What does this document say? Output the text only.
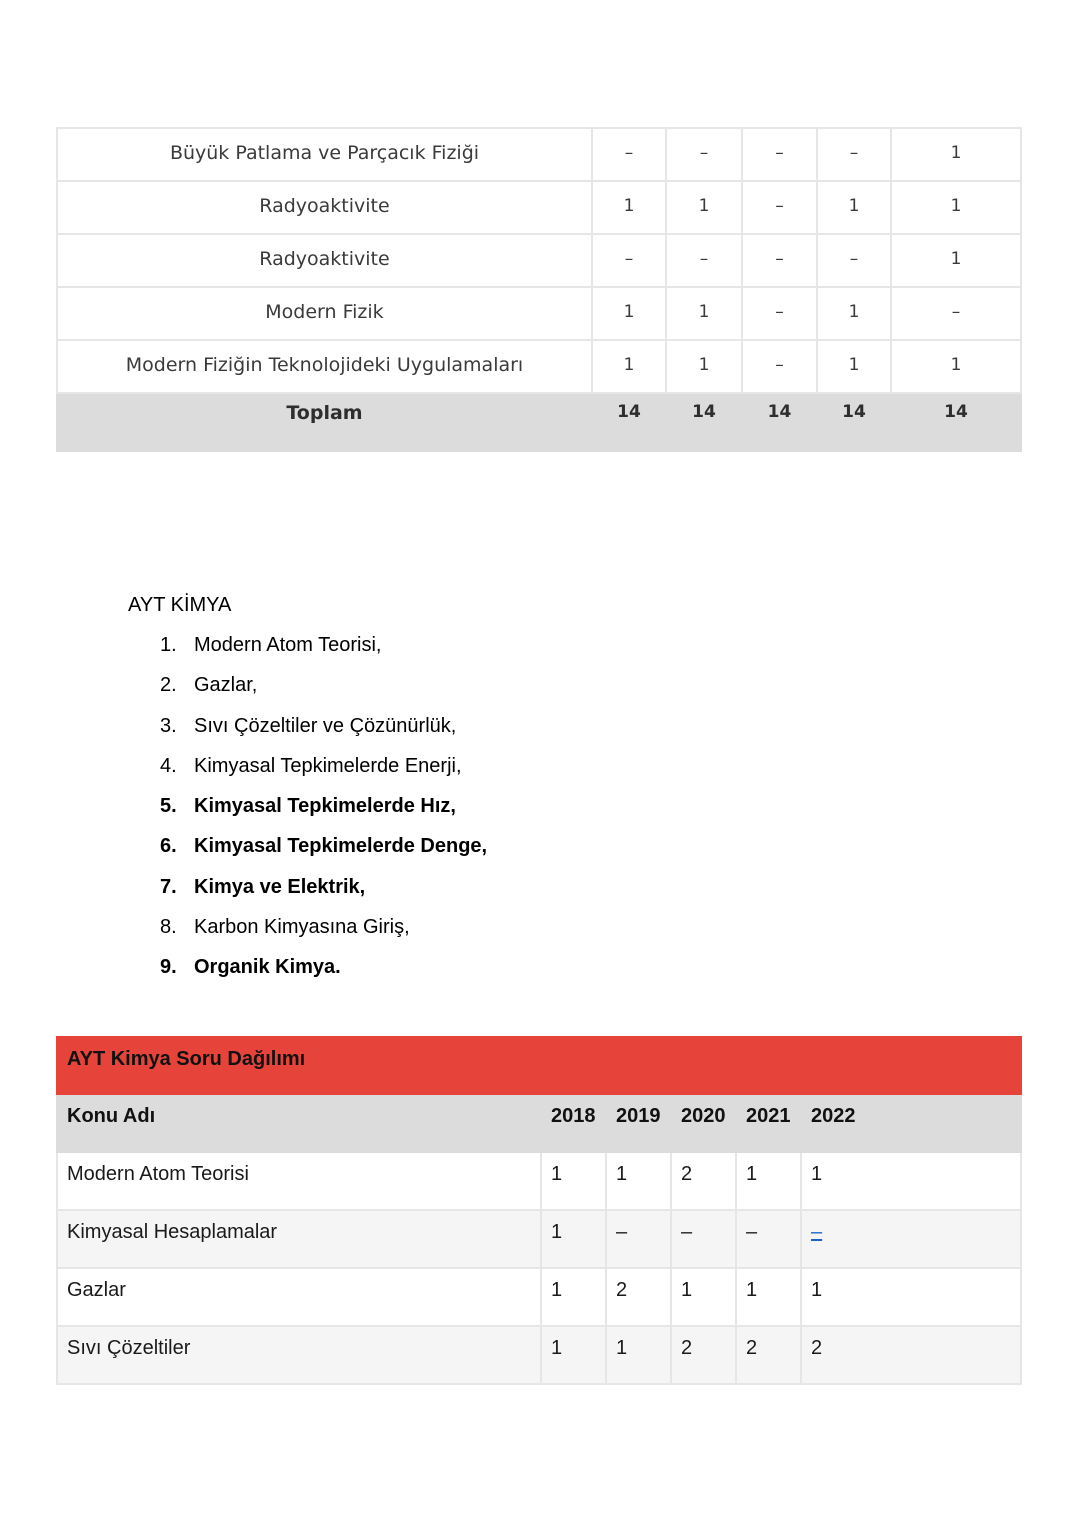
Büyük Patlama ve Parçacık Fiziği	–	–	–	–	1
Radyoaktivite	1	1	–	1	1
Radyoaktivite	–	–	–	–	1
Modern Fizik	1	1	–	1	–
Modern Fiziğin Teknolojideki Uygulamaları	1	1	–	1	1
Toplam	14	14	14	14	14
AYT KİMYA
1. Modern Atom Teorisi,
2. Gazlar,
3. Sıvı Çözeltiler ve Çözünürlük,
4. Kimyasal Tepkimelerde Enerji,
5. Kimyasal Tepkimelerde Hız,
6. Kimyasal Tepkimelerde Denge,
7. Kimya ve Elektrik,
8. Karbon Kimyasına Giriş,
9. Organik Kimya.
AYT Kimya Soru Dağılımı					
Konu Adı	2018	2019	2020	2021	2022
Modern Atom Teorisi	1	1	2	1	1
Kimyasal Hesaplamalar	1	–	–	–	–
Gazlar	1	2	1	1	1
Sıvı Çözeltiler	1	1	2	2	2
